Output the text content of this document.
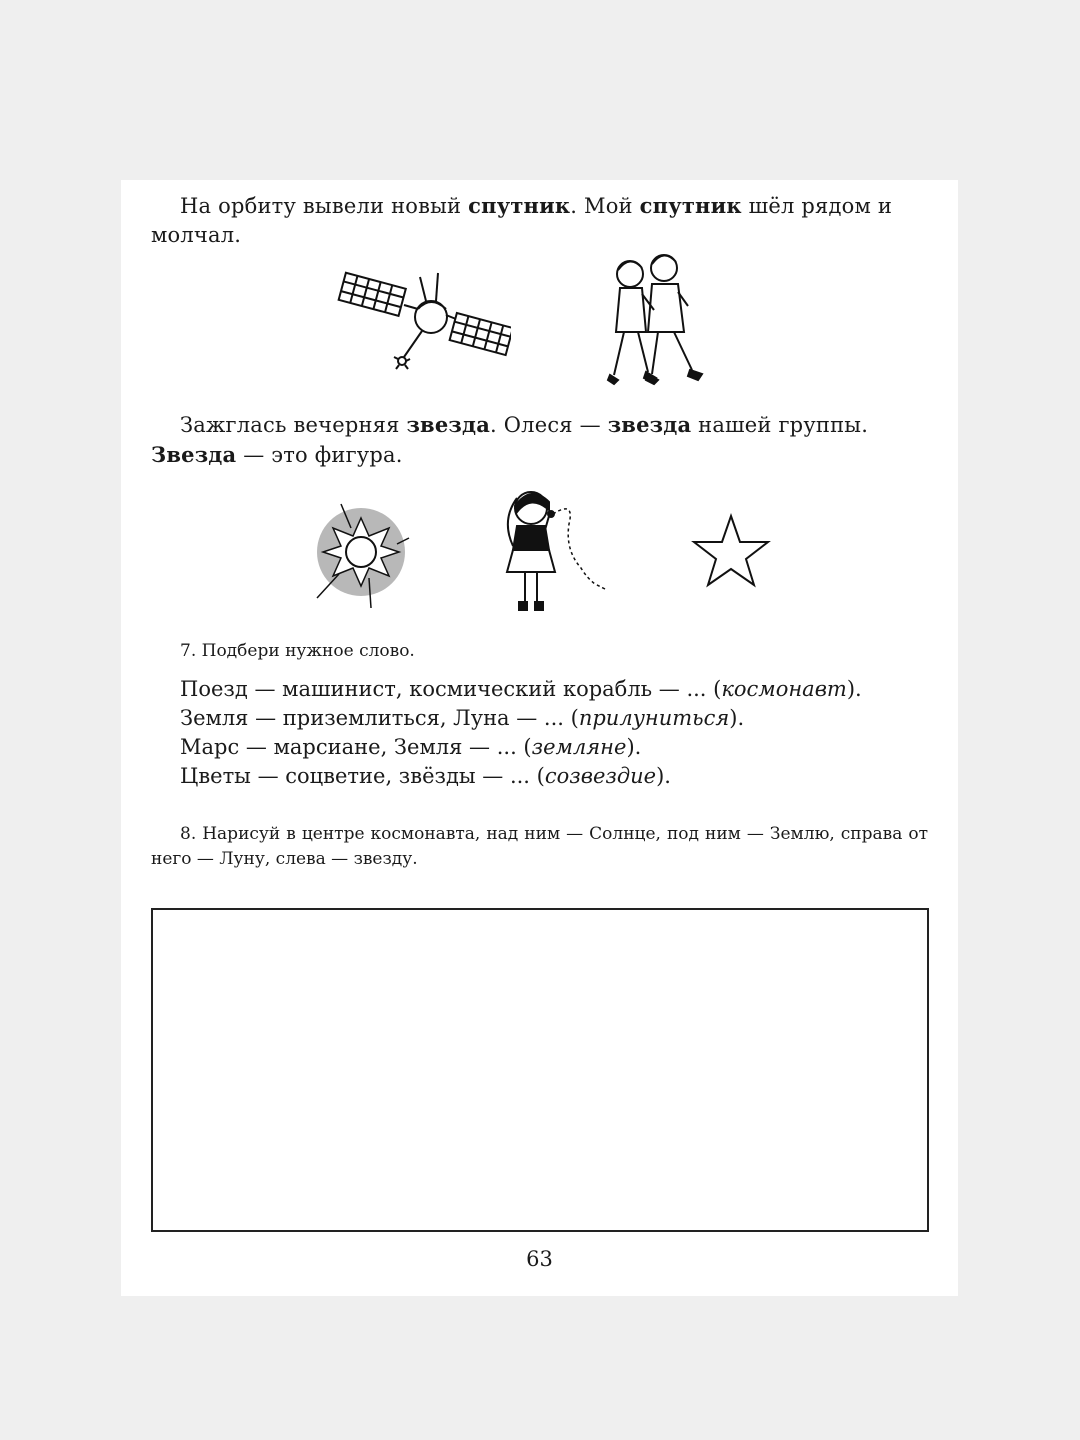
На орбиту вывели новый спутник. Мой спутник шёл рядом и молчал.
Зажглась вечерняя звезда. Олеся — звезда нашей группы. Звезда — это фигура.
7. Подбери нужное слово.
Поезд — машинист, космический корабль — ... (космонавт).
Земля — приземлиться, Луна — ... (прилуниться).
Марс — марсиане, Земля — ... (земляне).
Цветы — соцветие, звёзды — ... (созвездие).
8. Нарисуй в центре космонавта, над ним — Солнце, под ним — Землю, справа от него — Луну, слева — звезду.
63
